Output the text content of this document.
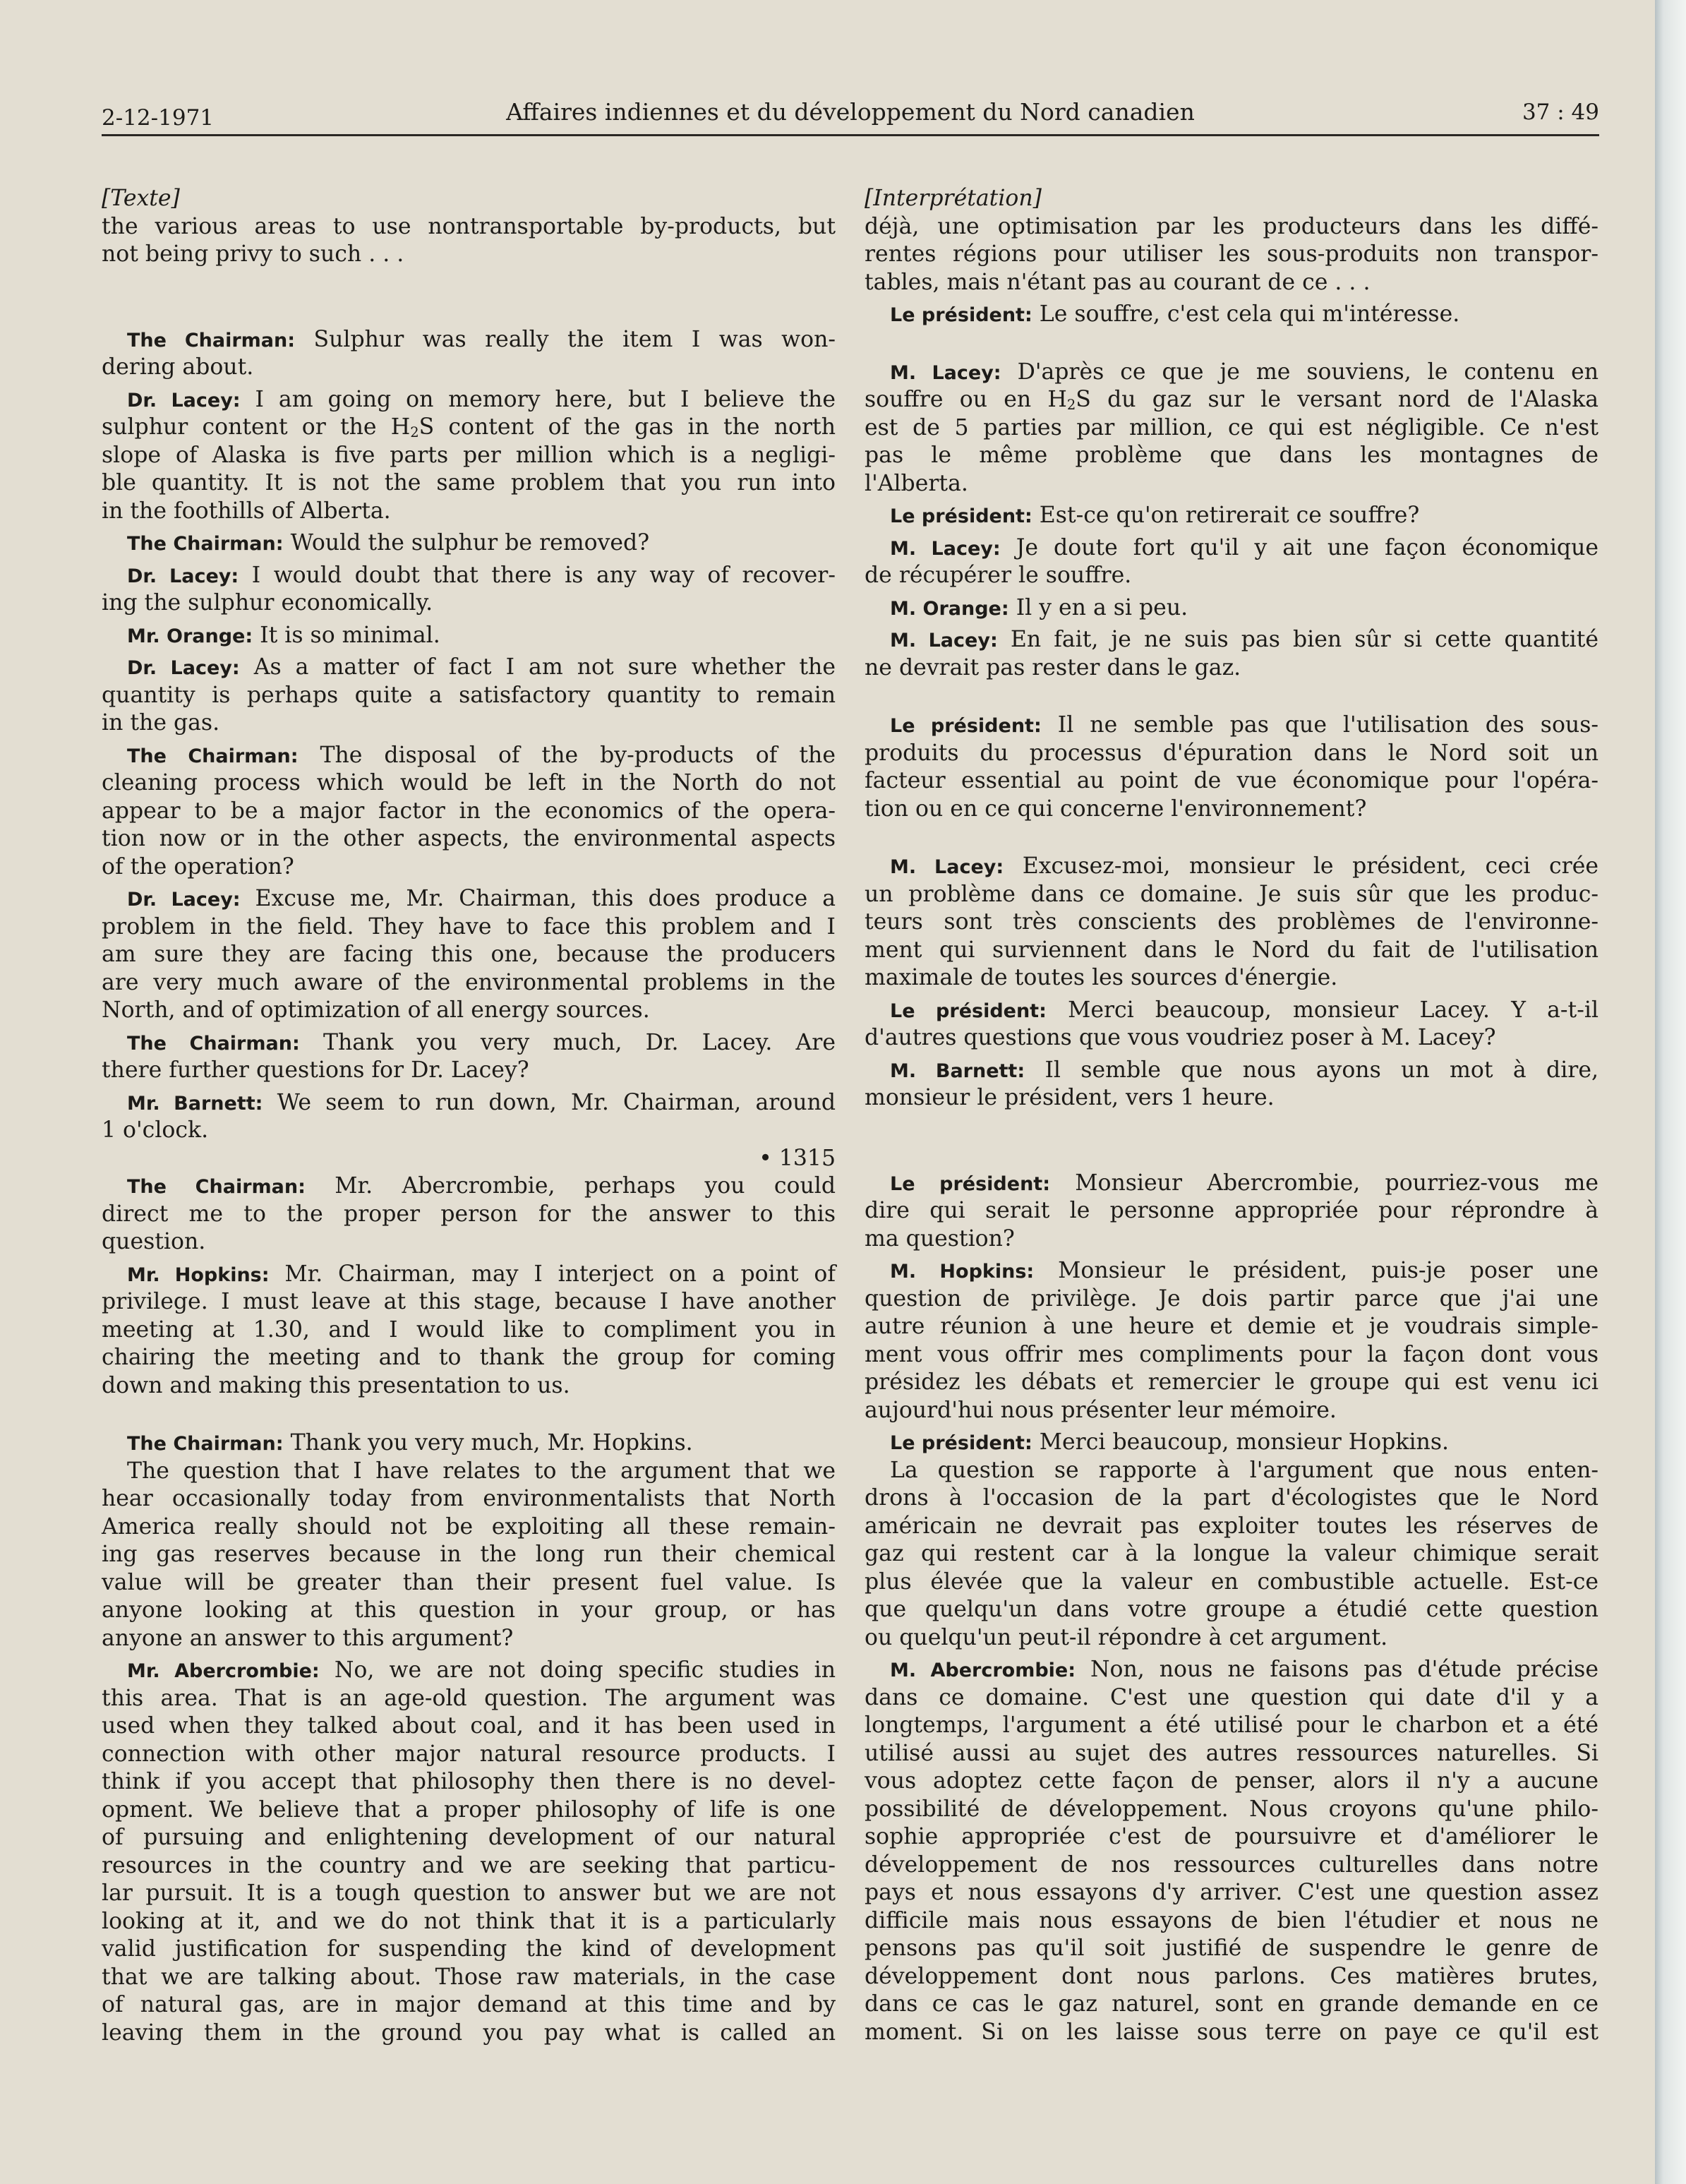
2-12-1971	Affaires indiennes et du développement du Nord canadien	37 : 49
[Texte]
the various areas to use nontransportable by-products, but
not being privy to such . . .
The Chairman: Sulphur was really the item I was won-
dering about.
Dr. Lacey: I am going on memory here, but I believe the
sulphur content or the $H_2S$ content of the gas in the north
slope of Alaska is five parts per million which is a negligi-
ble quantity. It is not the same problem that you run into
in the foothills of Alberta.
The Chairman: Would the sulphur be removed?
Dr. Lacey: I would doubt that there is any way of recover-
ing the sulphur economically.
Mr. Orange: It is so minimal.
Dr. Lacey: As a matter of fact I am not sure whether the
quantity is perhaps quite a satisfactory quantity to remain
in the gas.
The Chairman: The disposal of the by-products of the
cleaning process which would be left in the North do not
appear to be a major factor in the economics of the opera-
tion now or in the other aspects, the environmental aspects
of the operation?
Dr. Lacey: Excuse me, Mr. Chairman, this does produce a
problem in the field. They have to face this problem and I
am sure they are facing this one, because the producers
are very much aware of the environmental problems in the
North, and of optimization of all energy sources.
The Chairman: Thank you very much, Dr. Lacey. Are
there further questions for Dr. Lacey?
Mr. Barnett: We seem to run down, Mr. Chairman, around
1 o'clock.
• 1315
The Chairman: Mr. Abercrombie, perhaps you could
direct me to the proper person for the answer to this
question.
Mr. Hopkins: Mr. Chairman, may I interject on a point of
privilege. I must leave at this stage, because I have another
meeting at 1.30, and I would like to compliment you in
chairing the meeting and to thank the group for coming
down and making this presentation to us.
The Chairman: Thank you very much, Mr. Hopkins.
The question that I have relates to the argument that we
hear occasionally today from environmentalists that North
America really should not be exploiting all these remain-
ing gas reserves because in the long run their chemical
value will be greater than their present fuel value. Is
anyone looking at this question in your group, or has
anyone an answer to this argument?
Mr. Abercrombie: No, we are not doing specific studies in
this area. That is an age-old question. The argument was
used when they talked about coal, and it has been used in
connection with other major natural resource products. I
think if you accept that philosophy then there is no devel-
opment. We believe that a proper philosophy of life is one
of pursuing and enlightening development of our natural
resources in the country and we are seeking that particu-
lar pursuit. It is a tough question to answer but we are not
looking at it, and we do not think that it is a particularly
valid justification for suspending the kind of development
that we are talking about. Those raw materials, in the case
of natural gas, are in major demand at this time and by
leaving them in the ground you pay what is called an
[Interprétation]
déjà, une optimisation par les producteurs dans les diffé-
rentes régions pour utiliser les sous-produits non transpor-
tables, mais n'étant pas au courant de ce . . .
Le président: Le souffre, c'est cela qui m'intéresse.
M. Lacey: D'après ce que je me souviens, le contenu en
souffre ou en $H_2S$ du gaz sur le versant nord de l'Alaska
est de 5 parties par million, ce qui est négligible. Ce n'est
pas le même problème que dans les montagnes de
l'Alberta.
Le président: Est-ce qu'on retirerait ce souffre?
M. Lacey: Je doute fort qu'il y ait une façon économique
de récupérer le souffre.
M. Orange: Il y en a si peu.
M. Lacey: En fait, je ne suis pas bien sûr si cette quantité
ne devrait pas rester dans le gaz.
Le président: Il ne semble pas que l'utilisation des sous-
produits du processus d'épuration dans le Nord soit un
facteur essential au point de vue économique pour l'opéra-
tion ou en ce qui concerne l'environnement?
M. Lacey: Excusez-moi, monsieur le président, ceci crée
un problème dans ce domaine. Je suis sûr que les produc-
teurs sont très conscients des problèmes de l'environne-
ment qui surviennent dans le Nord du fait de l'utilisation
maximale de toutes les sources d'énergie.
Le président: Merci beaucoup, monsieur Lacey. Y a-t-il
d'autres questions que vous voudriez poser à M. Lacey?
M. Barnett: Il semble que nous ayons un mot à dire,
monsieur le président, vers 1 heure.
Le président: Monsieur Abercrombie, pourriez-vous me
dire qui serait le personne appropriée pour réprondre à
ma question?
M. Hopkins: Monsieur le président, puis-je poser une
question de privilège. Je dois partir parce que j'ai une
autre réunion à une heure et demie et je voudrais simple-
ment vous offrir mes compliments pour la façon dont vous
présidez les débats et remercier le groupe qui est venu ici
aujourd'hui nous présenter leur mémoire.
Le président: Merci beaucoup, monsieur Hopkins.
La question se rapporte à l'argument que nous enten-
drons à l'occasion de la part d'écologistes que le Nord
américain ne devrait pas exploiter toutes les réserves de
gaz qui restent car à la longue la valeur chimique serait
plus élevée que la valeur en combustible actuelle. Est-ce
que quelqu'un dans votre groupe a étudié cette question
ou quelqu'un peut-il répondre à cet argument.
M. Abercrombie: Non, nous ne faisons pas d'étude précise
dans ce domaine. C'est une question qui date d'il y a
longtemps, l'argument a été utilisé pour le charbon et a été
utilisé aussi au sujet des autres ressources naturelles. Si
vous adoptez cette façon de penser, alors il n'y a aucune
possibilité de développement. Nous croyons qu'une philo-
sophie appropriée c'est de poursuivre et d'améliorer le
développement de nos ressources culturelles dans notre
pays et nous essayons d'y arriver. C'est une question assez
difficile mais nous essayons de bien l'étudier et nous ne
pensons pas qu'il soit justifié de suspendre le genre de
développement dont nous parlons. Ces matières brutes,
dans ce cas le gaz naturel, sont en grande demande en ce
moment. Si on les laisse sous terre on paye ce qu'il est
